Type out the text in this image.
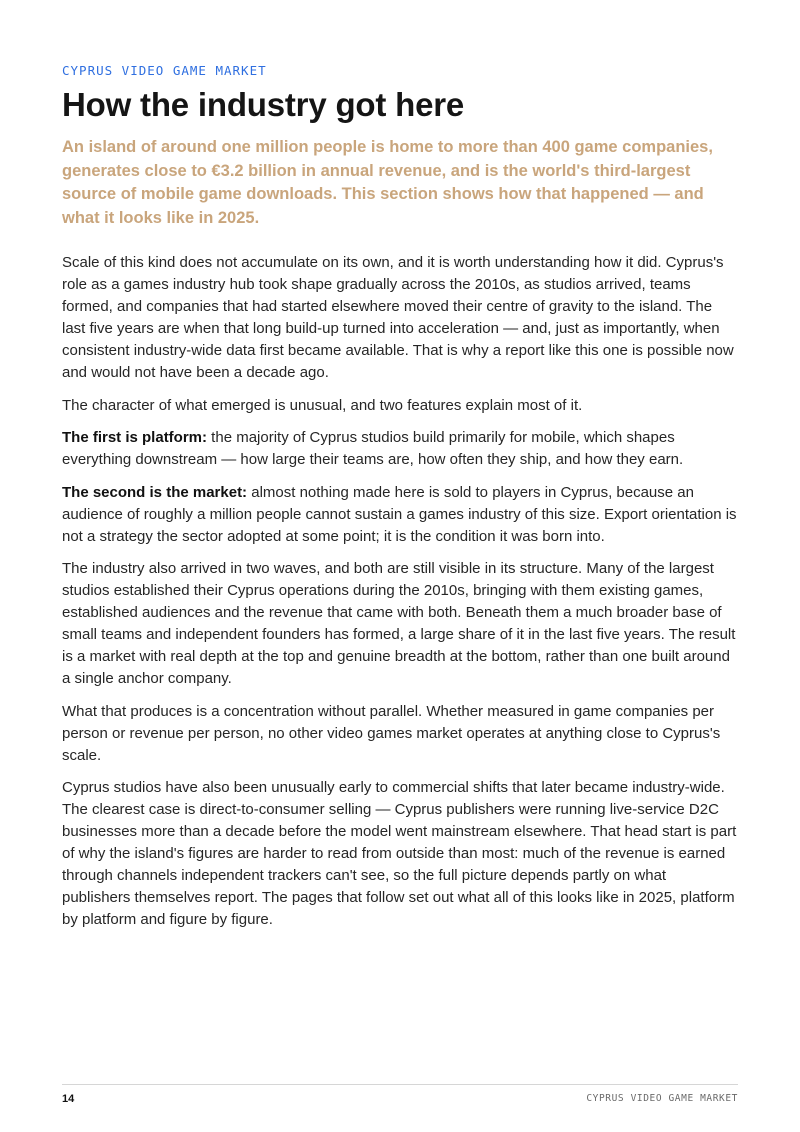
CYPRUS VIDEO GAME MARKET
How the industry got here

An island of around one million people is home to more than 400 game companies, generates close to €3.2 billion in annual revenue, and is the world's third-largest source of mobile game downloads. This section shows how that happened — and what it looks like in 2025.

Scale of this kind does not accumulate on its own, and it is worth understanding how it did. Cyprus's role as a games industry hub took shape gradually across the 2010s, as studios arrived, teams formed, and companies that had started elsewhere moved their centre of gravity to the island. The last five years are when that long build-up turned into acceleration — and, just as importantly, when consistent industry-wide data first became available. That is why a report like this one is possible now and would not have been a decade ago.

The character of what emerged is unusual, and two features explain most of it.

The first is platform: the majority of Cyprus studios build primarily for mobile, which shapes everything downstream — how large their teams are, how often they ship, and how they earn.

The second is the market: almost nothing made here is sold to players in Cyprus, because an audience of roughly a million people cannot sustain a games industry of this size. Export orientation is not a strategy the sector adopted at some point; it is the condition it was born into.

The industry also arrived in two waves, and both are still visible in its structure. Many of the largest studios established their Cyprus operations during the 2010s, bringing with them existing games, established audiences and the revenue that came with both. Beneath them a much broader base of small teams and independent founders has formed, a large share of it in the last five years. The result is a market with real depth at the top and genuine breadth at the bottom, rather than one built around a single anchor company.

What that produces is a concentration without parallel. Whether measured in game companies per person or revenue per person, no other video games market operates at anything close to Cyprus's scale.

Cyprus studios have also been unusually early to commercial shifts that later became industry-wide. The clearest case is direct-to-consumer selling — Cyprus publishers were running live-service D2C businesses more than a decade before the model went mainstream elsewhere. That head start is part of why the island's figures are harder to read from outside than most: much of the revenue is earned through channels independent trackers can't see, so the full picture depends partly on what publishers themselves report. The pages that follow set out what all of this looks like in 2025, platform by platform and figure by figure.

14	CYPRUS VIDEO GAME MARKET
